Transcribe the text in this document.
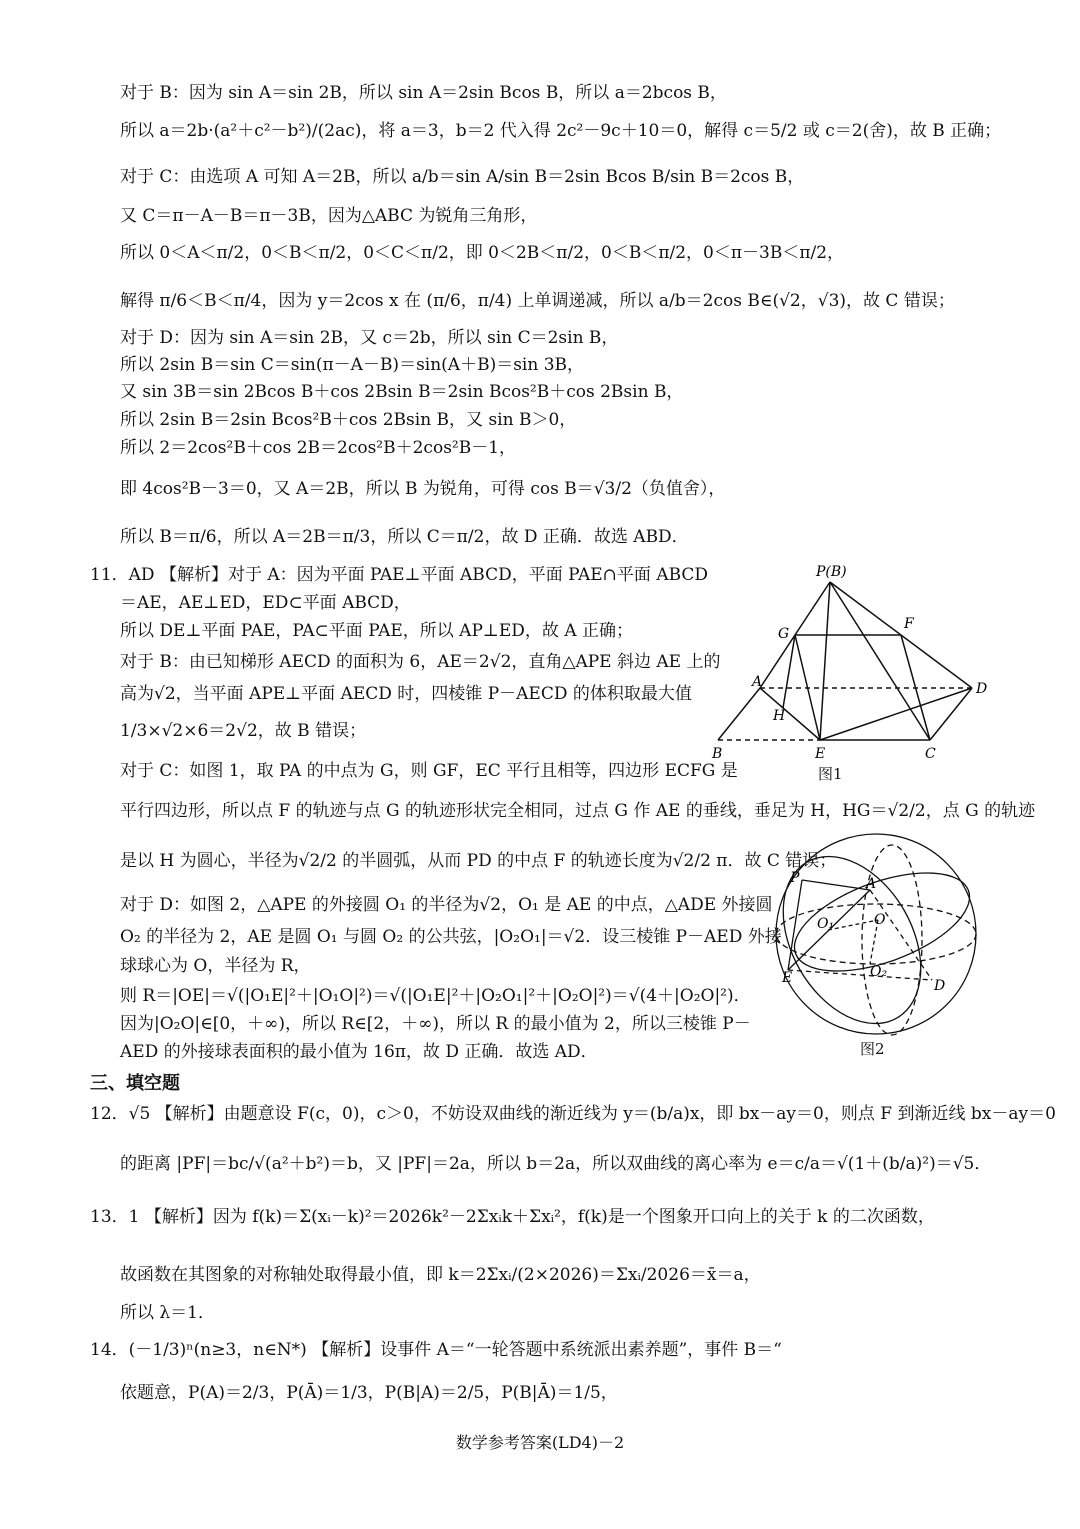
对于 B：因为 sin A＝sin 2B，所以 sin A＝2sin Bcos B，所以 a＝2bcos B，
所以 a＝2b·(a²＋c²－b²)/(2ac)，将 a＝3，b＝2 代入得 2c²－9c＋10＝0，解得 c＝5/2 或 c＝2(舍)，故 B 正确；
对于 C：由选项 A 可知 A＝2B，所以 a/b＝sin A/sin B＝2sin Bcos B/sin B＝2cos B，
又 C＝π－A－B＝π－3B，因为△ABC 为锐角三角形，
所以 0＜A＜π/2，0＜B＜π/2，0＜C＜π/2，即 0＜2B＜π/2，0＜B＜π/2，0＜π－3B＜π/2，
解得 π/6＜B＜π/4，因为 y＝2cos x 在 (π/6，π/4) 上单调递减，所以 a/b＝2cos B∈(√2，√3)，故 C 错误；
对于 D：因为 sin A＝sin 2B，又 c＝2b，所以 sin C＝2sin B，
所以 2sin B＝sin C＝sin(π－A－B)＝sin(A＋B)＝sin 3B，
又 sin 3B＝sin 2Bcos B＋cos 2Bsin B＝2sin Bcos²B＋cos 2Bsin B，
所以 2sin B＝2sin Bcos²B＋cos 2Bsin B，又 sin B＞0，
所以 2＝2cos²B＋cos 2B＝2cos²B＋2cos²B－1，
即 4cos²B－3＝0，又 A＝2B，所以 B 为锐角，可得 cos B＝√3/2（负值舍），
所以 B＝π/6，所以 A＝2B＝π/3，所以 C＝π/2，故 D 正确．故选 ABD．
11．AD 【解析】对于 A：因为平面 PAE⊥平面 ABCD，平面 PAE∩平面 ABCD
＝AE，AE⊥ED，ED⊂平面 ABCD，
所以 DE⊥平面 PAE，PA⊂平面 PAE，所以 AP⊥ED，故 A 正确；
对于 B：由已知梯形 AECD 的面积为 6，AE＝2√2，直角△APE 斜边 AE 上的
高为√2，当平面 APE⊥平面 AECD 时，四棱锥 P－AECD 的体积取最大值
1/3×√2×6＝2√2，故 B 错误；
对于 C：如图 1，取 PA 的中点为 G，则 GF，EC 平行且相等，四边形 ECFG 是
平行四边形，所以点 F 的轨迹与点 G 的轨迹形状完全相同，过点 G 作 AE 的垂线，垂足为 H，HG＝√2/2，点 G 的轨迹
是以 H 为圆心，半径为√2/2 的半圆弧，从而 PD 的中点 F 的轨迹长度为√2/2 π．故 C 错误；
对于 D：如图 2，△APE 的外接圆 O₁ 的半径为√2，O₁ 是 AE 的中点，△ADE 外接圆
O₂ 的半径为 2，AE 是圆 O₁ 与圆 O₂ 的公共弦，|O₂O₁|＝√2．设三棱锥 P－AED 外接
球球心为 O，半径为 R，
则 R＝|OE|＝√(|O₁E|²＋|O₁O|²)＝√(|O₁E|²＋|O₂O₁|²＋|O₂O|²)＝√(4＋|O₂O|²)．
因为|O₂O|∈[0，＋∞)，所以 R∈[2，＋∞)，所以 R 的最小值为 2，所以三棱锥 P－
AED 的外接球表面积的最小值为 16π，故 D 正确．故选 AD．
三、填空题
12．√5 【解析】由题意设 F(c，0)，c＞0，不妨设双曲线的渐近线为 y＝(b/a)x，即 bx－ay＝0，则点 F 到渐近线 bx－ay＝0
的距离 |PF|＝bc/√(a²＋b²)＝b，又 |PF|＝2a，所以 b＝2a，所以双曲线的离心率为 e＝c/a＝√(1＋(b/a)²)＝√5．
13．1 【解析】因为 f(k)＝Σ(xᵢ－k)²＝2026k²－2Σxᵢk＋Σxᵢ²，f(k)是一个图象开口向上的关于 k 的二次函数，
故函数在其图象的对称轴处取得最小值，即 k＝2Σxᵢ/(2×2026)＝Σxᵢ/2026＝x̄＝a，
所以 λ＝1．
14．(－1/3)ⁿ(n≥3，n∈N*) 【解析】设事件 A＝“一轮答题中系统派出素养题”，事件 B＝“
依题意，P(A)＝2/3，P(Ā)＝1/3，P(B|A)＝2/5，P(B|Ā)＝1/5，
P(B)
G
F
A	D
H
B	E	C
图1
P	A
O
O₁
E	O₂
D
图2
数学参考答案(LD4)－2
